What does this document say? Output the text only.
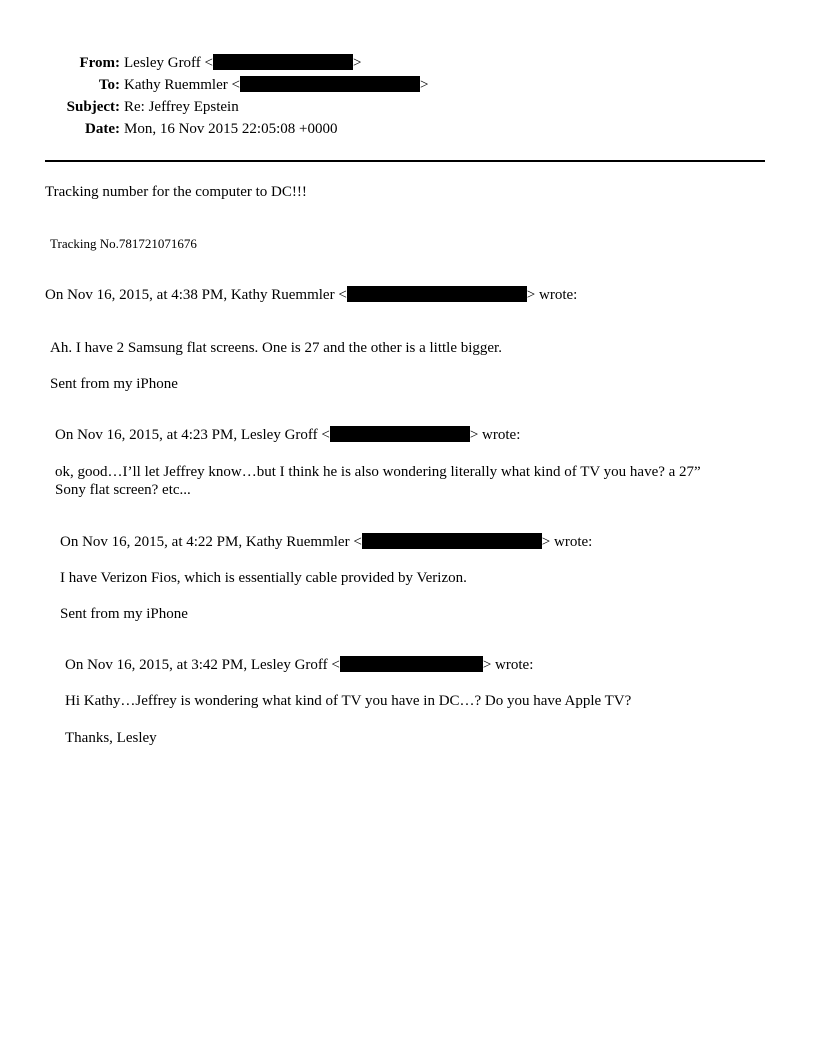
From: Lesley Groff <	>
To: Kathy Ruemmler <	>
Subject: Re: Jeffrey Epstein
Date: Mon, 16 Nov 2015 22:05:08 +0000
Tracking number for the computer to DC!!!
Tracking No.781721071676
On Nov 16, 2015, at 4:38 PM, Kathy Ruemmler <	> wrote:
Ah. I have 2 Samsung flat screens. One is 27 and the other is a little bigger.
Sent from my iPhone
On Nov 16, 2015, at 4:23 PM, Lesley Groff <	> wrote:
ok, good…I’ll let Jeffrey know…but I think he is also wondering literally what kind of TV you have? a 27”
Sony flat screen? etc...
On Nov 16, 2015, at 4:22 PM, Kathy Ruemmler <	> wrote:
I have Verizon Fios, which is essentially cable provided by Verizon.
Sent from my iPhone
On Nov 16, 2015, at 3:42 PM, Lesley Groff <	> wrote:
Hi Kathy…Jeffrey is wondering what kind of TV you have in DC…? Do you have Apple TV?
Thanks, Lesley
